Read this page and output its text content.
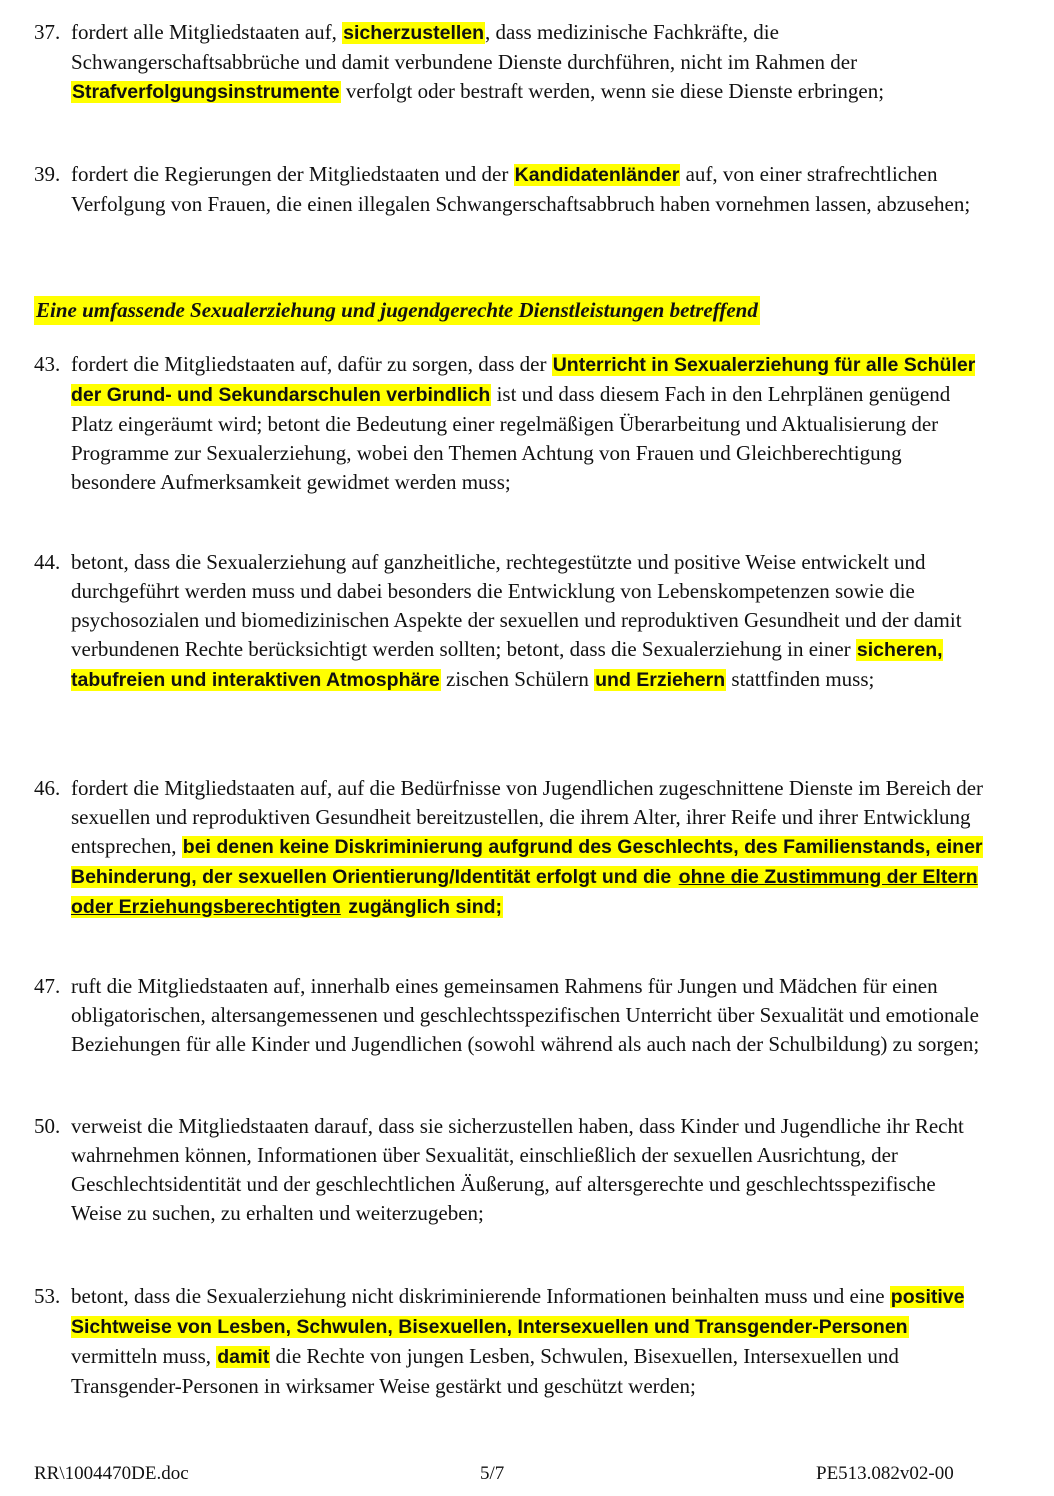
37. fordert alle Mitgliedstaaten auf, sicherzustellen, dass medizinische Fachkräfte, die Schwangerschaftsabbrüche und damit verbundene Dienste durchführen, nicht im Rahmen der Strafverfolgungsinstrumente verfolgt oder bestraft werden, wenn sie diese Dienste erbringen;
39. fordert die Regierungen der Mitgliedstaaten und der Kandidatenländer auf, von einer strafrechtlichen Verfolgung von Frauen, die einen illegalen Schwangerschaftsabbruch haben vornehmen lassen, abzusehen;
Eine umfassende Sexualerziehung und jugendgerechte Dienstleistungen betreffend
43. fordert die Mitgliedstaaten auf, dafür zu sorgen, dass der Unterricht in Sexualerziehung für alle Schüler der Grund- und Sekundarschulen verbindlich ist und dass diesem Fach in den Lehrplänen genügend Platz eingeräumt wird; betont die Bedeutung einer regelmäßigen Überarbeitung und Aktualisierung der Programme zur Sexualerziehung, wobei den Themen Achtung von Frauen und Gleichberechtigung besondere Aufmerksamkeit gewidmet werden muss;
44. betont, dass die Sexualerziehung auf ganzheitliche, rechtegestützte und positive Weise entwickelt und durchgeführt werden muss und dabei besonders die Entwicklung von Lebenskompetenzen sowie die psychosozialen und biomedizinischen Aspekte der sexuellen und reproduktiven Gesundheit und der damit verbundenen Rechte berücksichtigt werden sollten; betont, dass die Sexualerziehung in einer sicheren, tabufreien und interaktiven Atmosphäre zischen Schülern und Erziehern stattfinden muss;
46. fordert die Mitgliedstaaten auf, auf die Bedürfnisse von Jugendlichen zugeschnittene Dienste im Bereich der sexuellen und reproduktiven Gesundheit bereitzustellen, die ihrem Alter, ihrer Reife und ihrer Entwicklung entsprechen, bei denen keine Diskriminierung aufgrund des Geschlechts, des Familienstands, einer Behinderung, der sexuellen Orientierung/Identität erfolgt und die ohne die Zustimmung der Eltern oder Erziehungsberechtigten zugänglich sind;
47. ruft die Mitgliedstaaten auf, innerhalb eines gemeinsamen Rahmens für Jungen und Mädchen für einen obligatorischen, altersangemessenen und geschlechtsspezifischen Unterricht über Sexualität und emotionale Beziehungen für alle Kinder und Jugendlichen (sowohl während als auch nach der Schulbildung) zu sorgen;
50. verweist die Mitgliedstaaten darauf, dass sie sicherzustellen haben, dass Kinder und Jugendliche ihr Recht wahrnehmen können, Informationen über Sexualität, einschließlich der sexuellen Ausrichtung, der Geschlechtsidentität und der geschlechtlichen Äußerung, auf altersgerechte und geschlechtsspezifische Weise zu suchen, zu erhalten und weiterzugeben;
53. betont, dass die Sexualerziehung nicht diskriminierende Informationen beinhalten muss und eine positive Sichtweise von Lesben, Schwulen, Bisexuellen, Intersexuellen und Transgender-Personen vermitteln muss, damit die Rechte von jungen Lesben, Schwulen, Bisexuellen, Intersexuellen und Transgender-Personen in wirksamer Weise gestärkt und geschützt werden;
RR\1004470DE.doc	5/7	PE513.082v02-00
